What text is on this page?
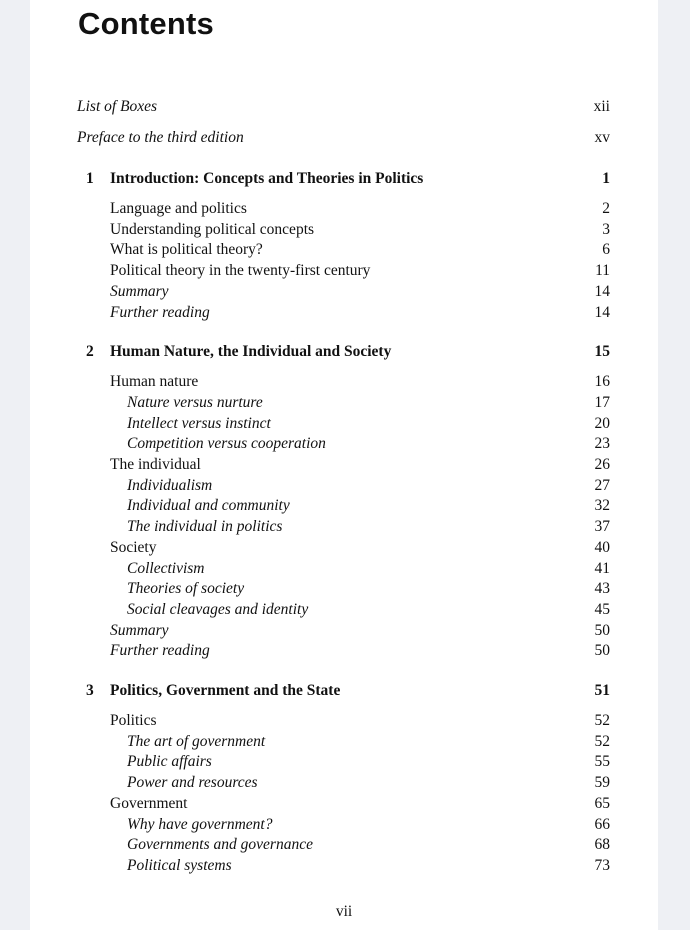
Contents
List of Boxes	xii
Preface to the third edition	xv
1 Introduction: Concepts and Theories in Politics	1
Language and politics	2
Understanding political concepts	3
What is political theory?	6
Political theory in the twenty-first century	11
Summary	14
Further reading	14
2 Human Nature, the Individual and Society	15
Human nature	16
Nature versus nurture	17
Intellect versus instinct	20
Competition versus cooperation	23
The individual	26
Individualism	27
Individual and community	32
The individual in politics	37
Society	40
Collectivism	41
Theories of society	43
Social cleavages and identity	45
Summary	50
Further reading	50
3 Politics, Government and the State	51
Politics	52
The art of government	52
Public affairs	55
Power and resources	59
Government	65
Why have government?	66
Governments and governance	68
Political systems	73
vii
